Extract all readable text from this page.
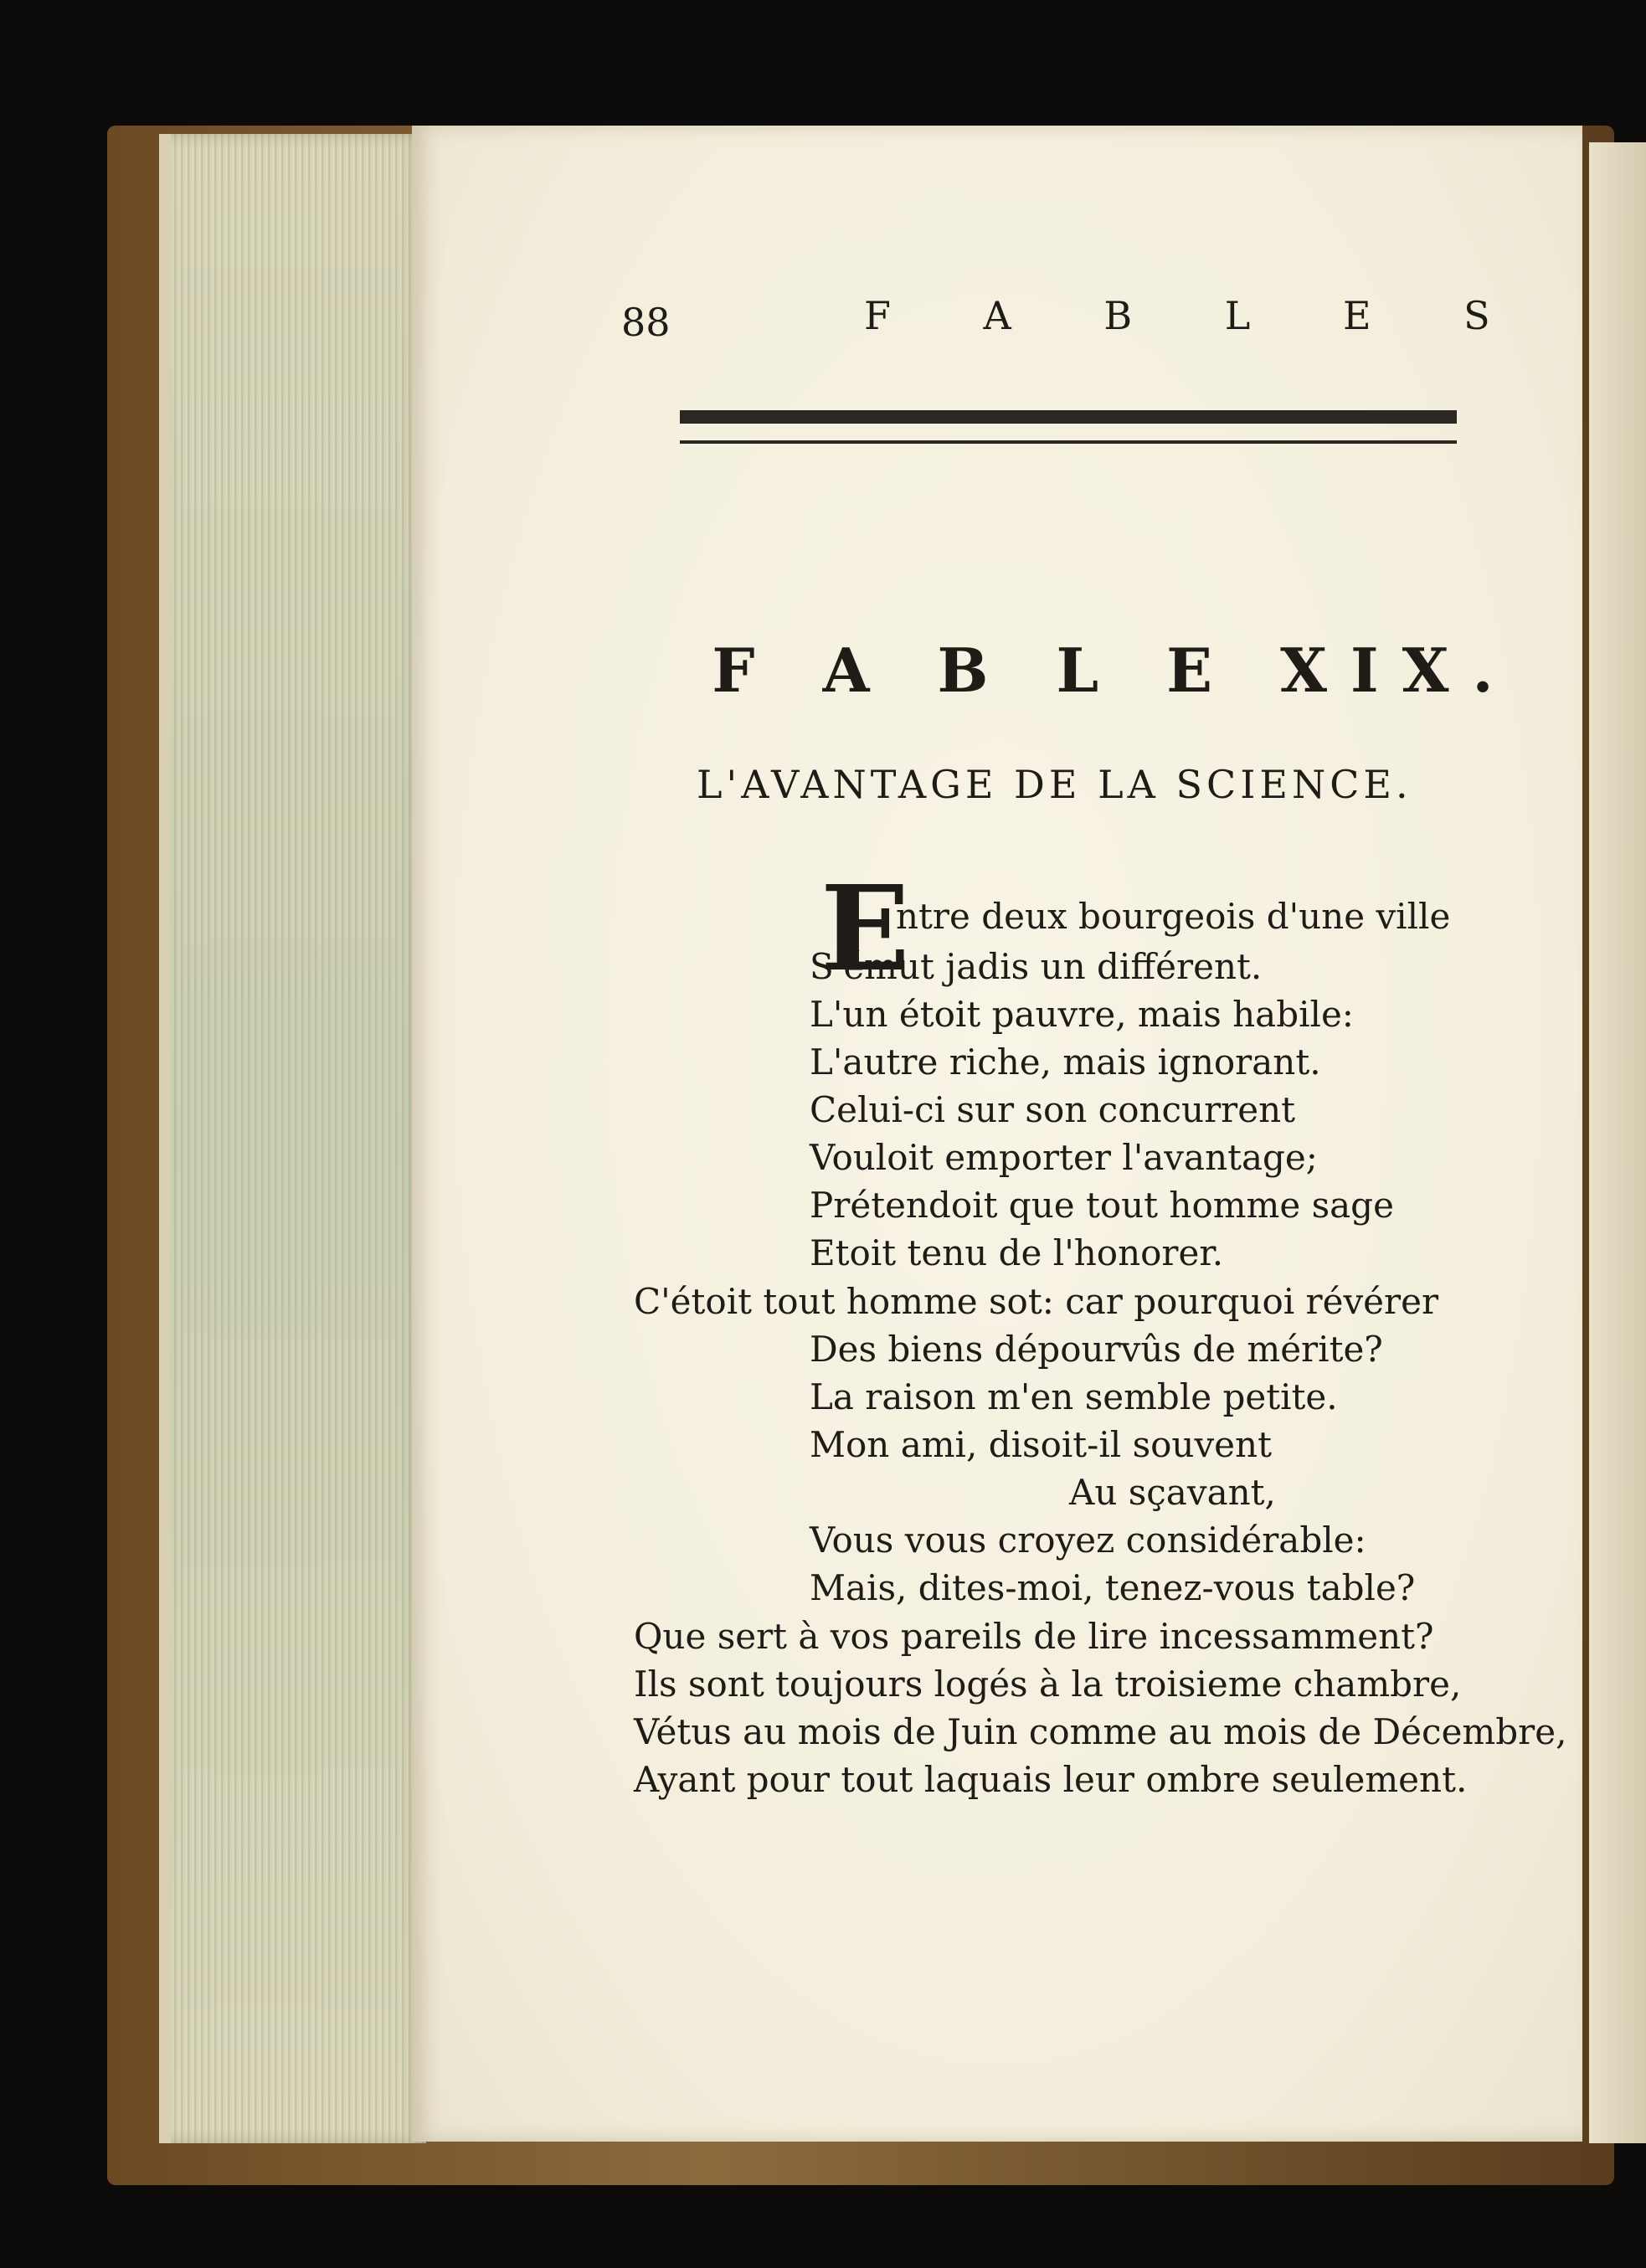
88	F A B L E S
F A B L E XIX.
L'AVANTAGE DE LA SCIENCE.
E
ntre deux bourgeois d'une ville
S'émut jadis un différent.
L'un étoit pauvre, mais habile:
L'autre riche, mais ignorant.
Celui-ci sur son concurrent
Vouloit emporter l'avantage;
Prétendoit que tout homme sage
Etoit tenu de l'honorer.
C'étoit tout homme sot: car pourquoi révérer
Des biens dépourvûs de mérite?
La raison m'en semble petite.
Mon ami, disoit-il souvent
Au sçavant,
Vous vous croyez considérable:
Mais, dites-moi, tenez-vous table?
Que sert à vos pareils de lire incessamment?
Ils sont toujours logés à la troisieme chambre,
Vétus au mois de Juin comme au mois de Décembre,
Ayant pour tout laquais leur ombre seulement.
